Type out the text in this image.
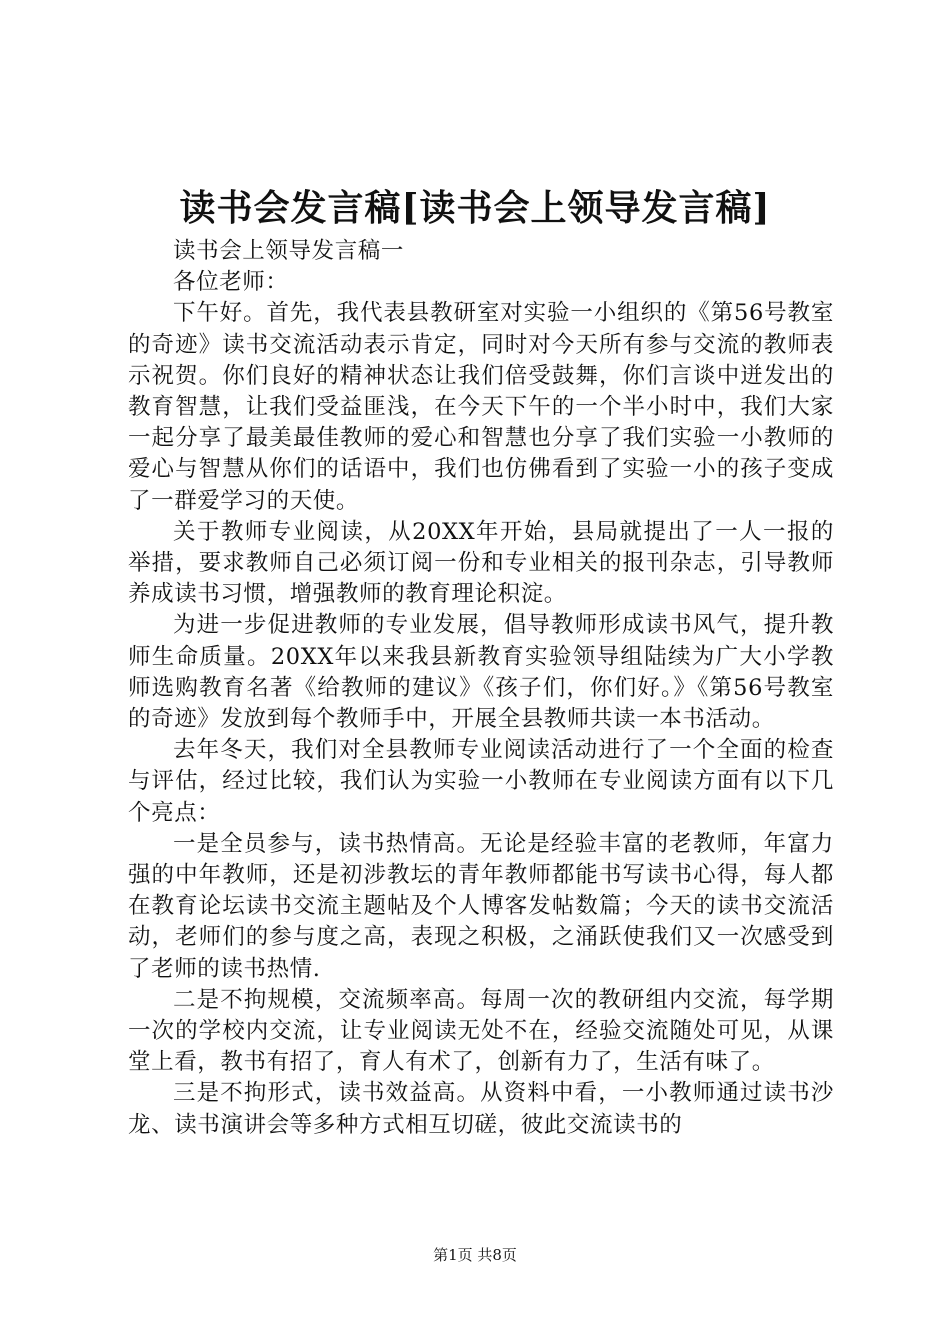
读书会发言稿[读书会上领导发言稿]

读书会上领导发言稿一

各位老师：

下午好。首先，我代表县教研室对实验一小组织的《第56号教室的奇迹》读书交流活动表示肯定，同时对今天所有参与交流的教师表示祝贺。你们良好的精神状态让我们倍受鼓舞，你们言谈中迸发出的教育智慧，让我们受益匪浅，在今天下午的一个半小时中，我们大家一起分享了最美最佳教师的爱心和智慧也分享了我们实验一小教师的爱心与智慧从你们的话语中，我们也仿佛看到了实验一小的孩子变成了一群爱学习的天使。

关于教师专业阅读，从20XX年开始，县局就提出了一人一报的举措，要求教师自己必须订阅一份和专业相关的报刊杂志，引导教师养成读书习惯，增强教师的教育理论积淀。

为进一步促进教师的专业发展，倡导教师形成读书风气，提升教师生命质量。20XX年以来我县新教育实验领导组陆续为广大小学教师选购教育名著《给教师的建议》《孩子们，你们好。》《第56号教室的奇迹》发放到每个教师手中，开展全县教师共读一本书活动。

去年冬天，我们对全县教师专业阅读活动进行了一个全面的检查与评估，经过比较，我们认为实验一小教师在专业阅读方面有以下几个亮点：

一是全员参与，读书热情高。无论是经验丰富的老教师，年富力强的中年教师，还是初涉教坛的青年教师都能书写读书心得，每人都在教育论坛读书交流主题帖及个人博客发帖数篇；今天的读书交流活动，老师们的参与度之高，表现之积极，之涌跃使我们又一次感受到了老师的读书热情.

二是不拘规模，交流频率高。每周一次的教研组内交流，每学期一次的学校内交流，让专业阅读无处不在，经验交流随处可见，从课堂上看，教书有招了，育人有术了，创新有力了，生活有味了。

三是不拘形式，读书效益高。从资料中看，一小教师通过读书沙龙、读书演讲会等多种方式相互切磋，彼此交流读书的

第1页 共8页
